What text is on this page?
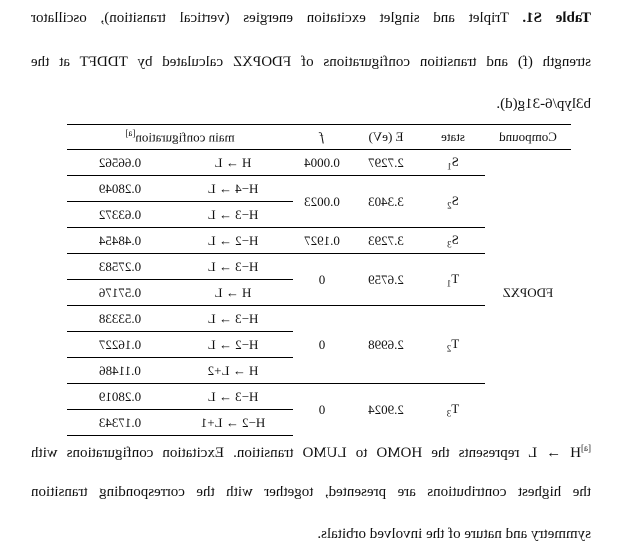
Table S1. Triplet and singlet excitation energies (vertical transition), oscillator
strength (f) and transition configurations of FDOPXZ calculated by TDDFT at the
b3lyp/6-31g(d).
Compound	state	E (eV)	f	main configuration[a]
FDOPXZ	$S_1$	2.7297	0.0004	H → L	0.66562
	$S_2$	3.3403	0.0023	H−4 → L	0.28049
				H−3 → L	0.63372
	$S_3$	3.7293	0.1927	H−2 → L	0.48454
	$T_1$	2.6759	0	H−3 → L	0.27583
				H → L	0.57176
	$T_2$	2.6998	0	H−3 → L	0.53338
				H−2 → L	0.16227
				H → L+2	0.11486
	$T_3$	2.9024	0	H−3 → L	0.28019
				H−2 → L+1	0.17343
[a]H → L represents the HOMO to LUMO transition. Excitation configurations with
the highest contributions are presented, together with the corresponding transition
symmetry and nature of the involved orbitals.
